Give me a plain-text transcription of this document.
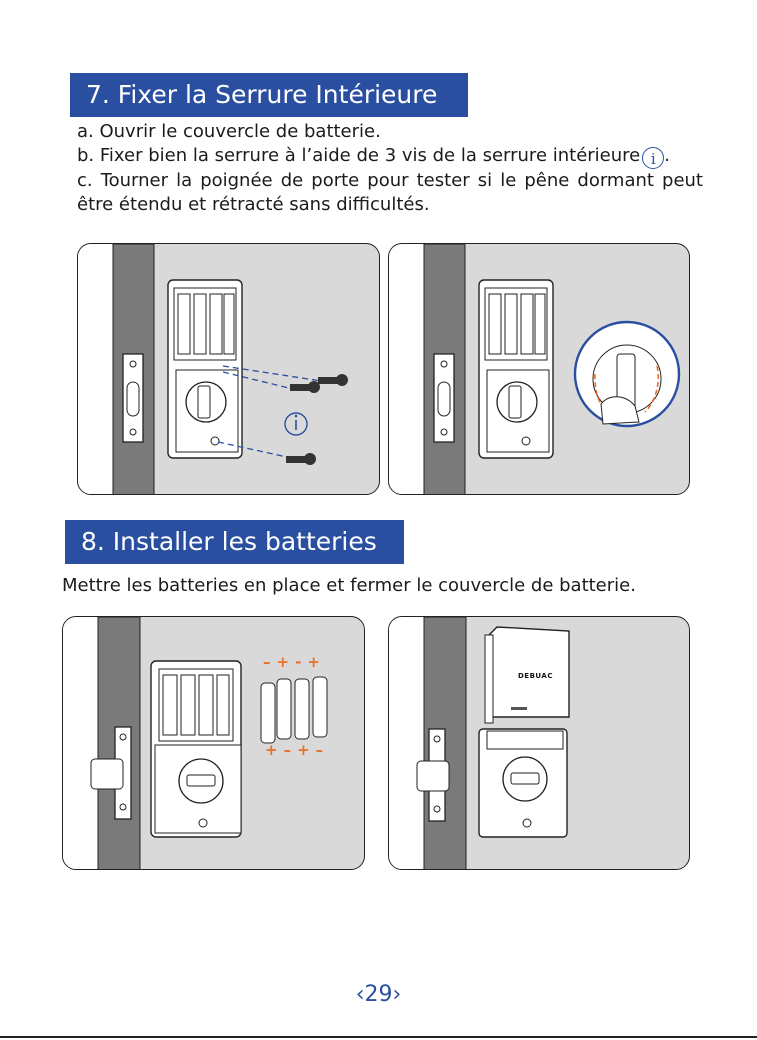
7. Fixer la Serrure Intérieure

a. Ouvrir le couvercle de batterie.

b. Fixer bien la serrure à l’aide de 3 vis de la serrure intérieure i .

c. Tourner la poignée de porte pour tester si le pêne dormant peut être étendu et rétracté sans difficultés.

8. Installer les batteries
Mettre les batteries en place et fermer le couvercle de batterie.
–+-+
+–+–
DEBUAC
‹29›
